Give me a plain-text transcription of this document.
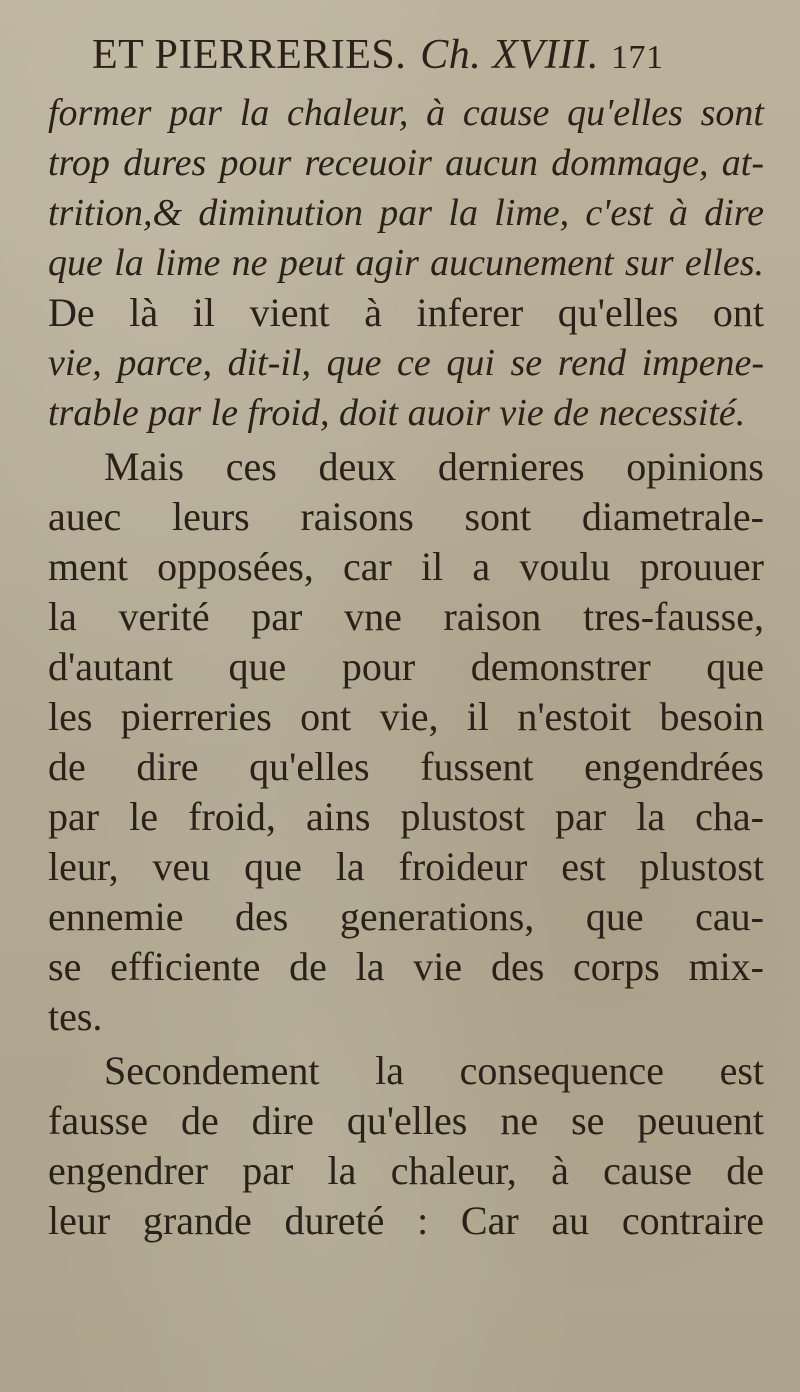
ET PIERRERIES. Ch. XVIII. 171
former par la chaleur, à cause qu'elles sont
trop dures pour receuoir aucun dommage, at-
trition,& diminution par la lime, c'est à dire
que la lime ne peut agir aucunement sur elles.
De là il vient à inferer qu'elles ont
vie, parce, dit-il, que ce qui se rend impene-
trable par le froid, doit auoir vie de necessité.
Mais ces deux dernieres opinions
auec leurs raisons sont diametrale-
ment opposées, car il a voulu prouuer
la verité par vne raison tres-fausse,
d'autant que pour demonstrer que
les pierreries ont vie, il n'estoit besoin
de dire qu'elles fussent engendrées
par le froid, ains plustost par la cha-
leur, veu que la froideur est plustost
ennemie des generations, que cau-
se efficiente de la vie des corps mix-
tes.
Secondement la consequence est
fausse de dire qu'elles ne se peuuent
engendrer par la chaleur, à cause de
leur grande dureté : Car au contraire
